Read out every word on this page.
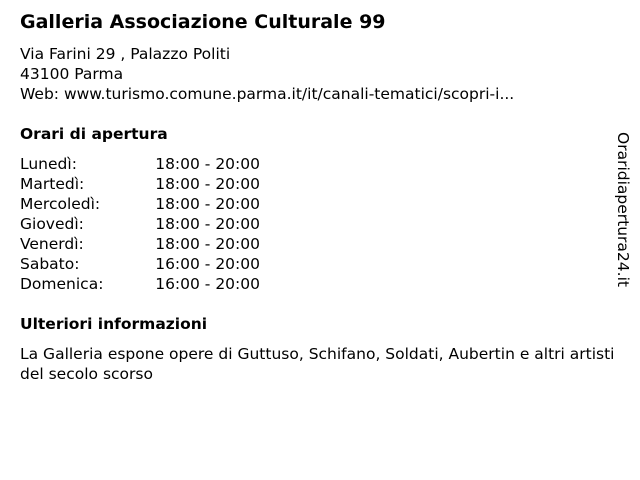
Galleria Associazione Culturale 99
Via Farini 29 , Palazzo Politi
43100 Parma
Web: www.turismo.comune.parma.it/it/canali-tematici/scopri-i...
Orari di apertura
Lunedì:	18:00 - 20:00
Martedì:	18:00 - 20:00
Mercoledì:	18:00 - 20:00
Giovedì:	18:00 - 20:00
Venerdì:	18:00 - 20:00
Sabato:	16:00 - 20:00
Domenica:	16:00 - 20:00
Ulteriori informazioni
La Galleria espone opere di Guttuso, Schifano, Soldati, Aubertin e altri artisti del secolo scorso
Oraridiapertura24.it
